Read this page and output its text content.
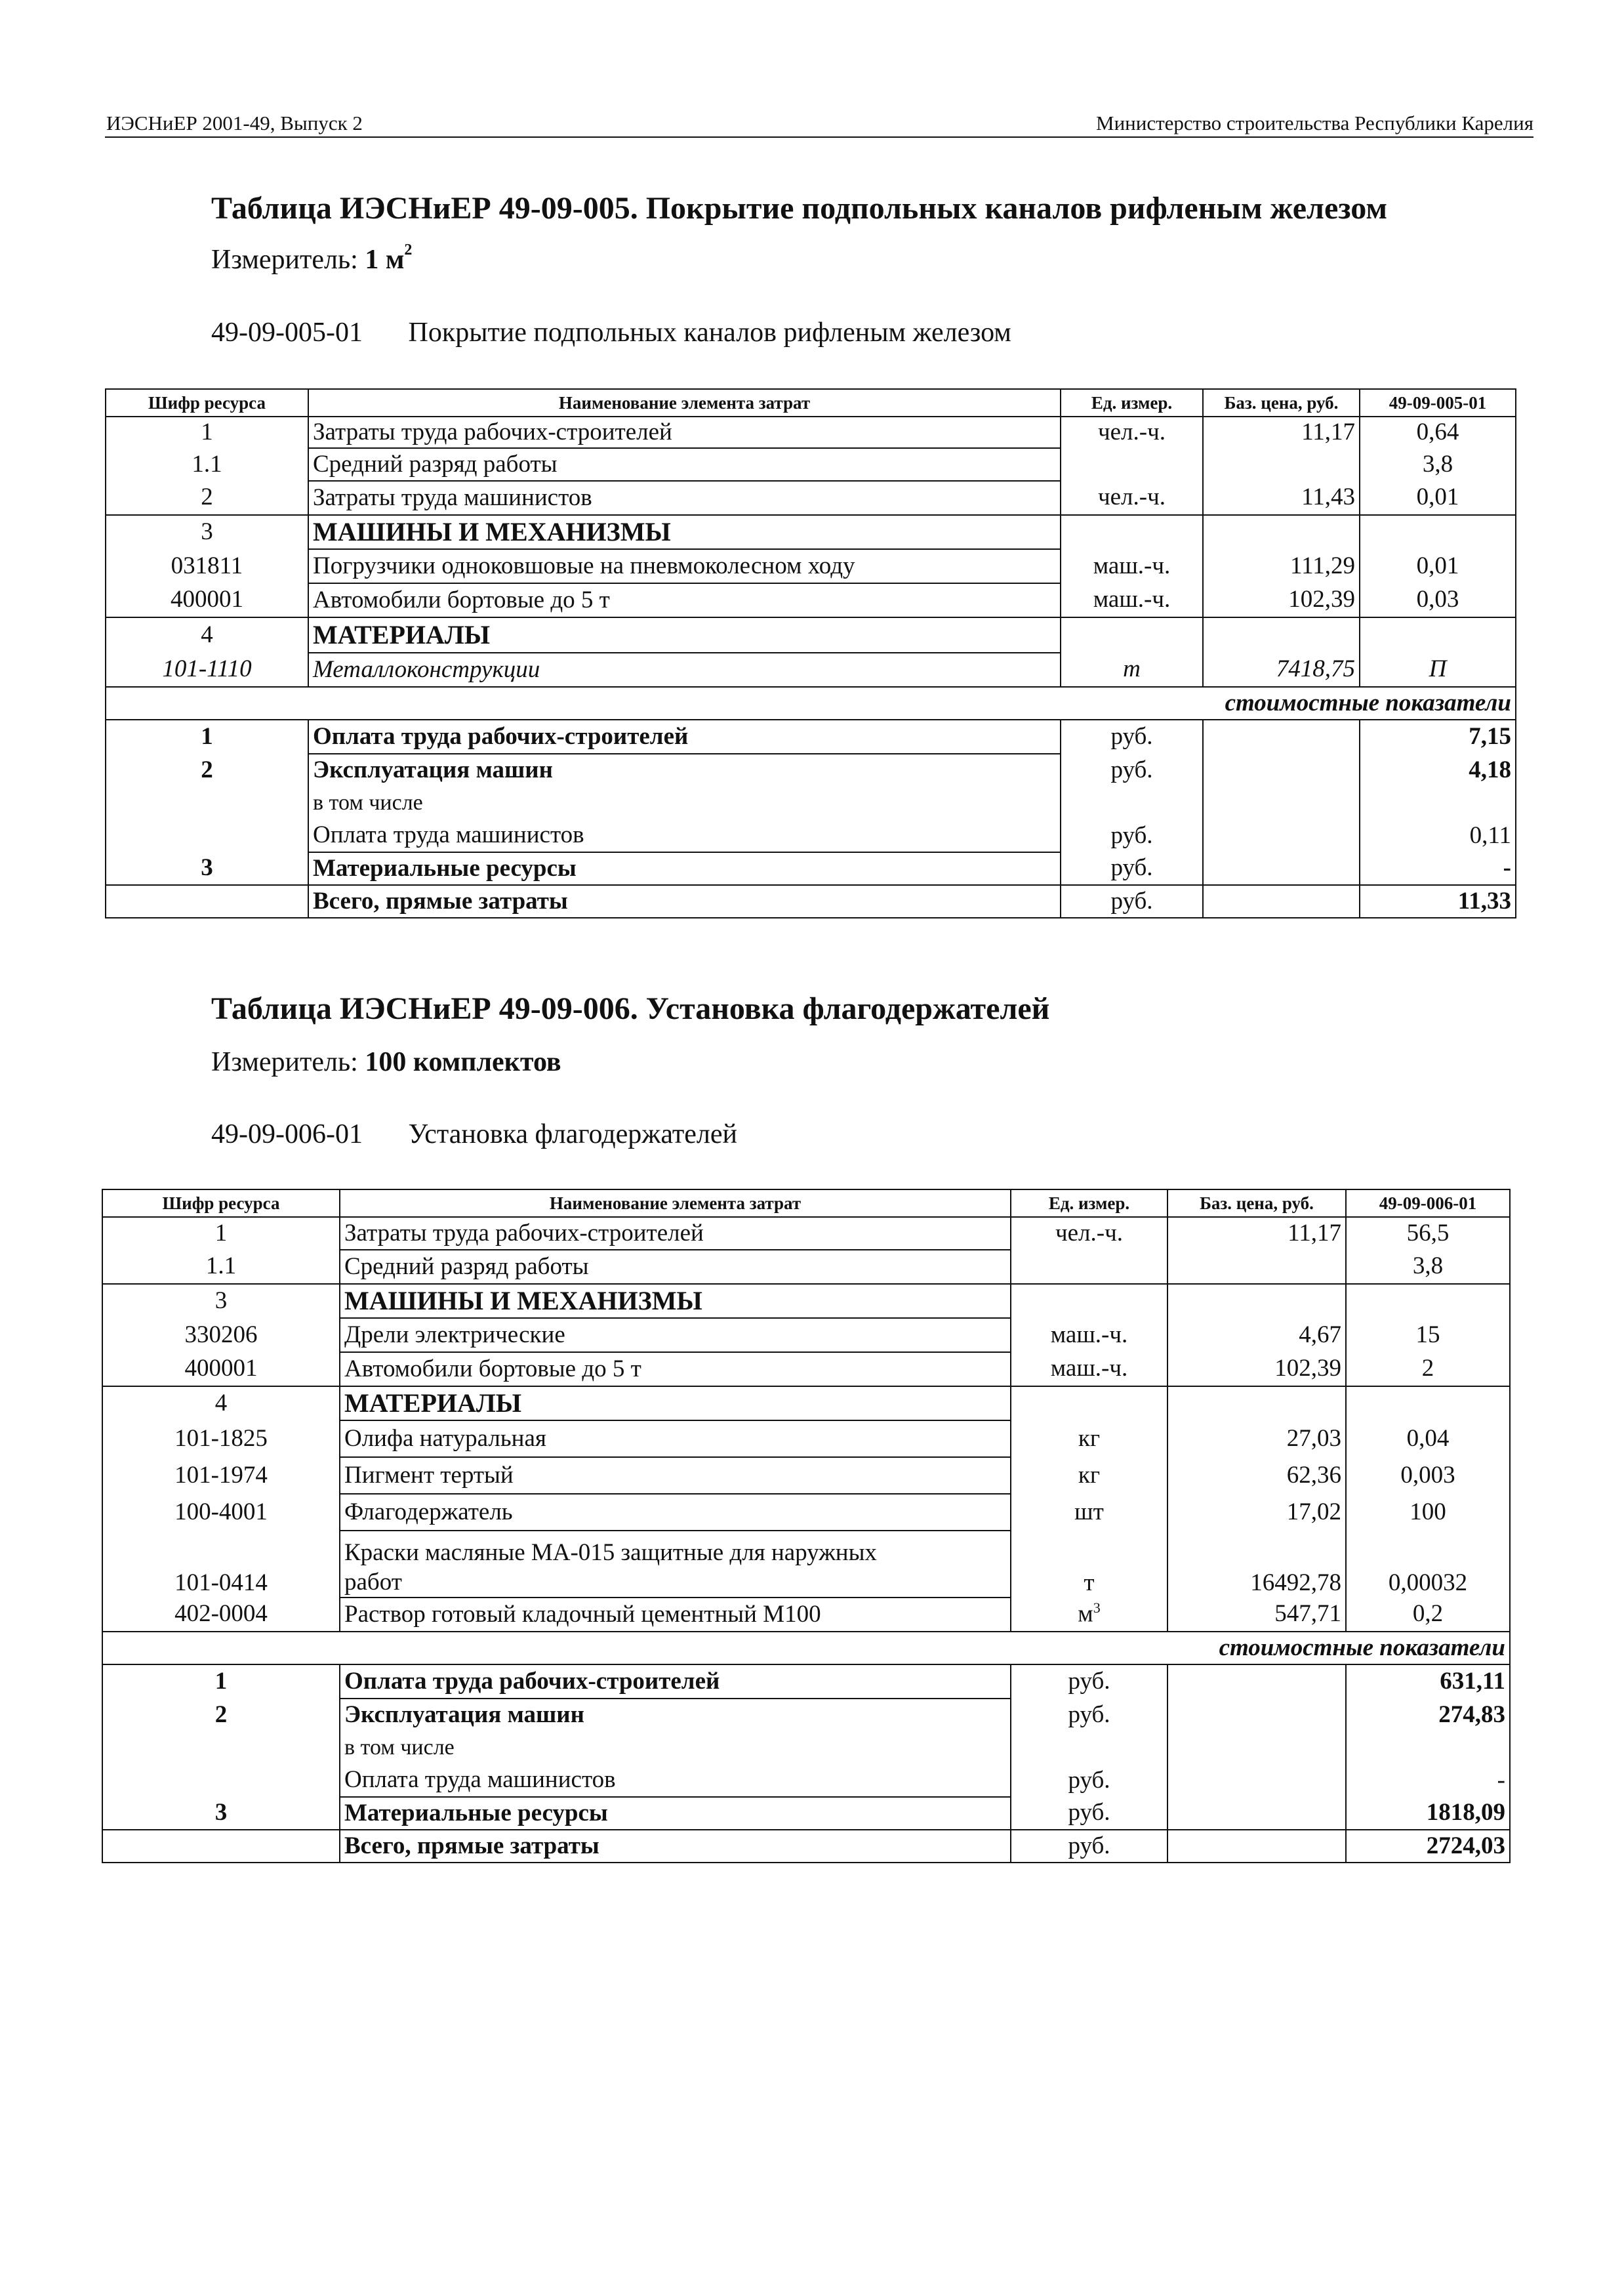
ИЭСНиЕР 2001-49, Выпуск 2	Министерство строительства Республики Карелия
Таблица ИЭСНиЕР 49-09-005. Покрытие подпольных каналов рифленым железом
Измеритель: 1 $м^2$
49-09-005-01 Покрытие подпольных каналов рифленым железом
Шифр ресурса	Наименование элемента затрат	Ед. измер.	Баз. цена, руб.	49-09-005-01
1	Затраты труда рабочих-строителей	чел.-ч.	11,17	0,64
1.1	Средний разряд работы			3,8
2	Затраты труда машинистов	чел.-ч.	11,43	0,01
3	МАШИНЫ И МЕХАНИЗМЫ			
031811	Погрузчики одноковшовые на пневмоколесном ходу	маш.-ч.	111,29	0,01
400001	Автомобили бортовые до 5 т	маш.-ч.	102,39	0,03
4	МАТЕРИАЛЫ			
101-1110	Металлоконструкции	т	7418,75	П
стоимостные показатели				
1	Оплата труда рабочих-строителей	руб.		7,15
2	Эксплуатация машин	руб.		4,18
	в том числе			
	Оплата труда машинистов	руб.		0,11
3	Материальные ресурсы	руб.		-
	Всего, прямые затраты	руб.		11,33
Таблица ИЭСНиЕР 49-09-006. Установка флагодержателей
Измеритель: 100 комплектов
49-09-006-01 Установка флагодержателей
Шифр ресурса	Наименование элемента затрат	Ед. измер.	Баз. цена, руб.	49-09-006-01
1	Затраты труда рабочих-строителей	чел.-ч.	11,17	56,5
1.1	Средний разряд работы			3,8
3	МАШИНЫ И МЕХАНИЗМЫ			
330206	Дрели электрические	маш.-ч.	4,67	15
400001	Автомобили бортовые до 5 т	маш.-ч.	102,39	2
4	МАТЕРИАЛЫ			
101-1825	Олифа натуральная	кг	27,03	0,04
101-1974	Пигмент тертый	кг	62,36	0,003
100-4001	Флагодержатель	шт	17,02	100
101-0414	Краски масляные МА-015 защитные для наружных
работ	т	16492,78	0,00032
402-0004	Раствор готовый кладочный цементный М100	$м^3$	547,71	0,2
стоимостные показатели				
1	Оплата труда рабочих-строителей	руб.		631,11
2	Эксплуатация машин	руб.		274,83
	в том числе			
	Оплата труда машинистов	руб.		-
3	Материальные ресурсы	руб.		1818,09
	Всего, прямые затраты	руб.		2724,03
